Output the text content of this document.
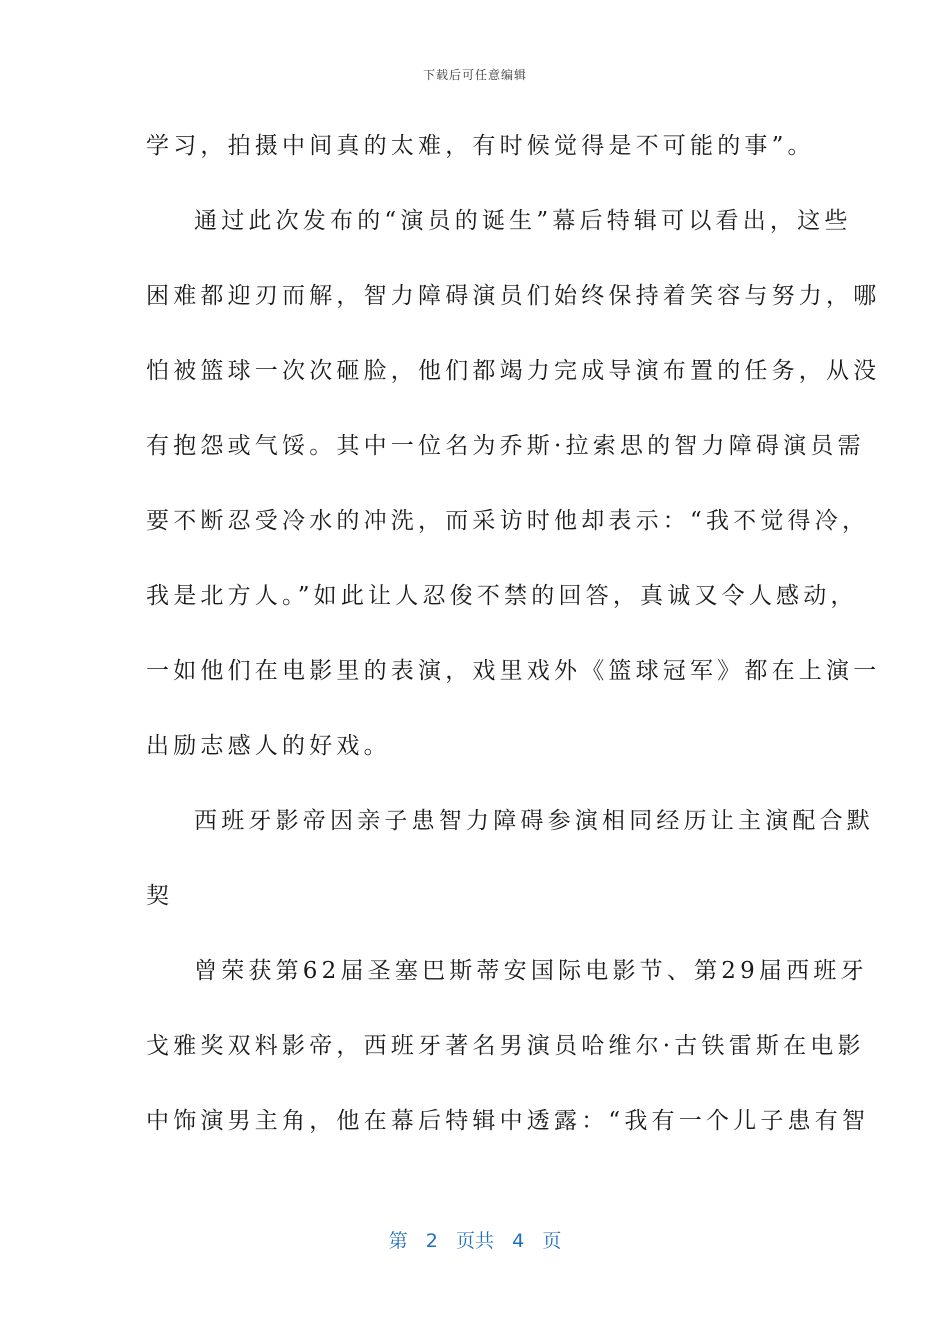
下载后可任意编辑
学习，拍摄中间真的太难，有时候觉得是不可能的事”。
通过此次发布的“演员的诞生”幕后特辑可以看出，这些
困难都迎刃而解，智力障碍演员们始终保持着笑容与努力，哪
怕被篮球一次次砸脸，他们都竭力完成导演布置的任务，从没
有抱怨或气馁。其中一位名为乔斯·拉索思的智力障碍演员需
要不断忍受冷水的冲洗，而采访时他却表示：“我不觉得冷，
我是北方人。”如此让人忍俊不禁的回答，真诚又令人感动，
一如他们在电影里的表演，戏里戏外《篮球冠军》都在上演一
出励志感人的好戏。
西班牙影帝因亲子患智力障碍参演相同经历让主演配合默
契
曾荣获第62届圣塞巴斯蒂安国际电影节、第29届西班牙
戈雅奖双料影帝，西班牙著名男演员哈维尔·古铁雷斯在电影
中饰演男主角，他在幕后特辑中透露：“我有一个儿子患有智
第 2 页共 4 页
